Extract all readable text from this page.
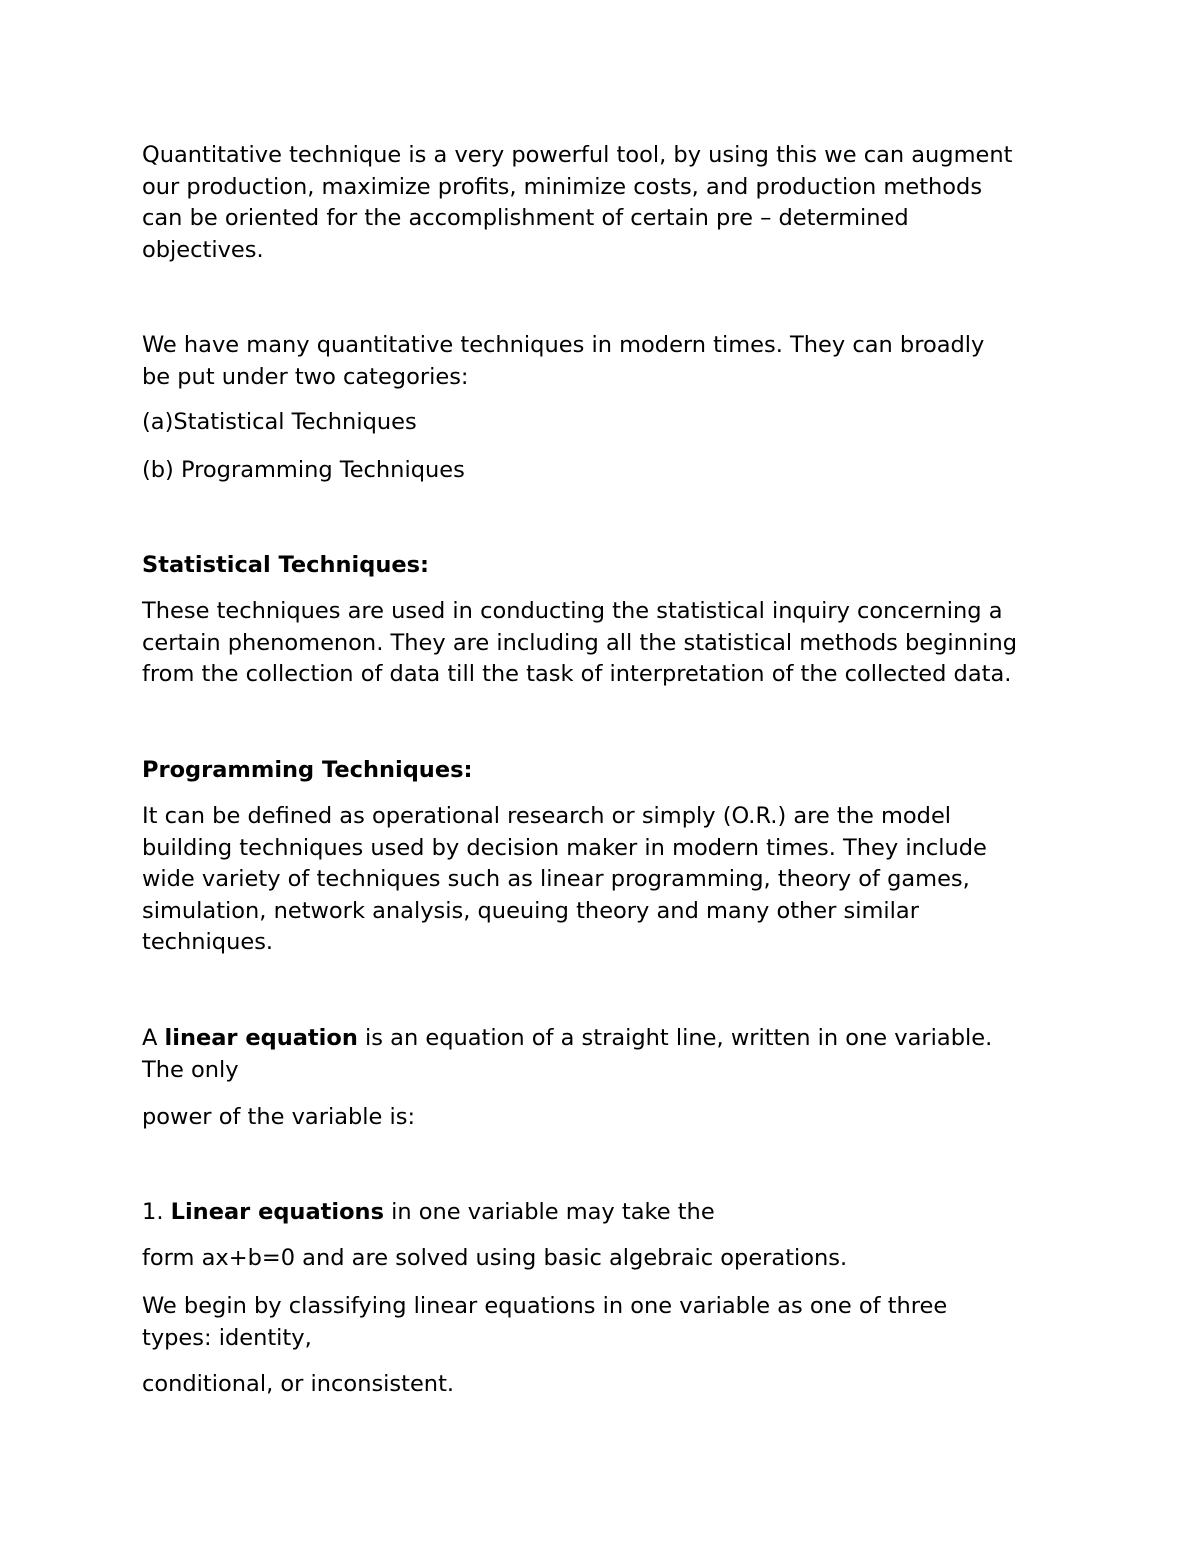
Quantitative technique is a very powerful tool, by using this we can augment
our production, maximize profits, minimize costs, and production methods
can be oriented for the accomplishment of certain pre – determined
objectives.

We have many quantitative techniques in modern times. They can broadly
be put under two categories:

(a)Statistical Techniques

(b) Programming Techniques

Statistical Techniques:

These techniques are used in conducting the statistical inquiry concerning a
certain phenomenon. They are including all the statistical methods beginning
from the collection of data till the task of interpretation of the collected data.

Programming Techniques:

It can be defined as operational research or simply (O.R.) are the model
building techniques used by decision maker in modern times. They include
wide variety of techniques such as linear programming, theory of games,
simulation, network analysis, queuing theory and many other similar
techniques.

A linear equation is an equation of a straight line, written in one variable.
The only

power of the variable is:

1. Linear equations in one variable may take the

form ax+b=0 and are solved using basic algebraic operations.

We begin by classifying linear equations in one variable as one of three
types: identity,

conditional, or inconsistent.
